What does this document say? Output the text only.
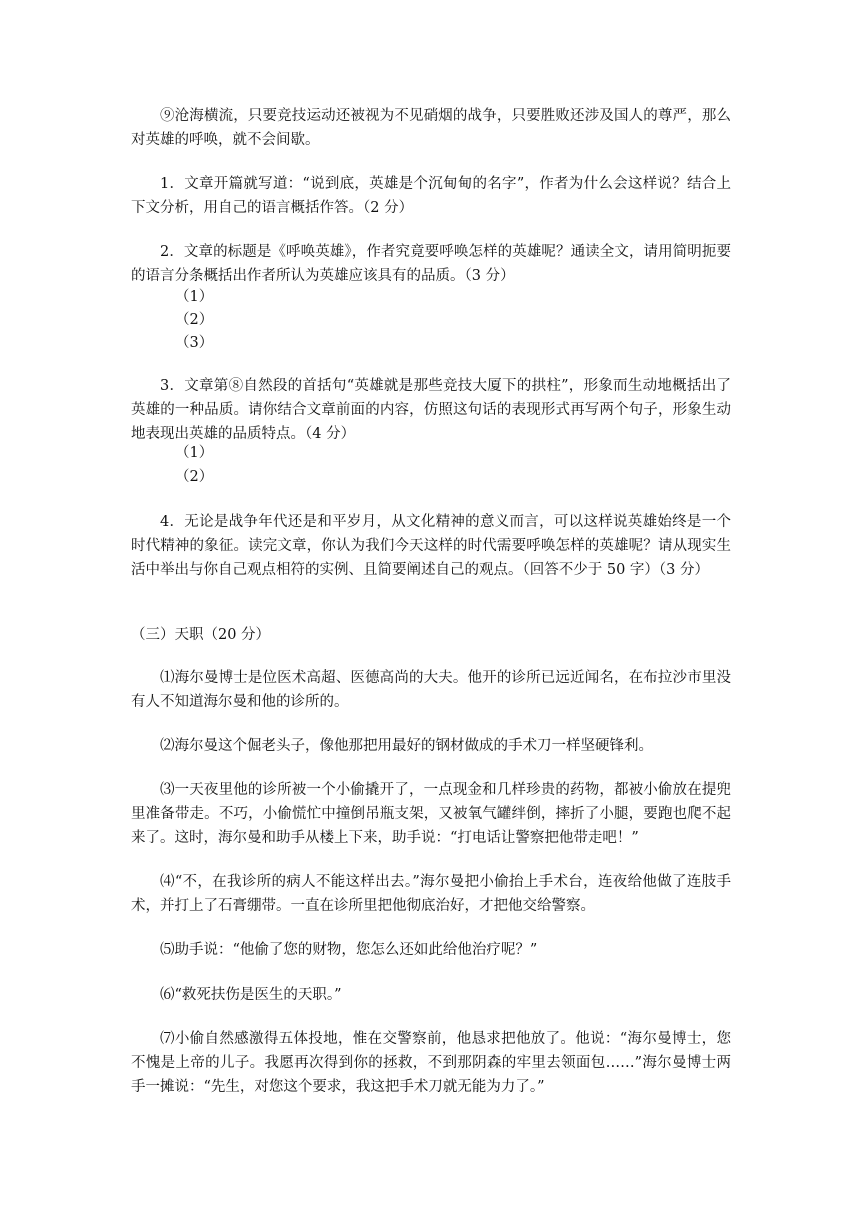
⑨沧海横流，只要竞技运动还被视为不见硝烟的战争，只要胜败还涉及国人的尊严，那么对英雄的呼唤，就不会间歇。

1．文章开篇就写道：“说到底，英雄是个沉甸甸的名字”，作者为什么会这样说？结合上下文分析，用自己的语言概括作答。（2 分）

2．文章的标题是《呼唤英雄》，作者究竟要呼唤怎样的英雄呢？通读全文，请用简明扼要的语言分条概括出作者所认为英雄应该具有的品质。（3 分）

（1）
（2）
（3）

3．文章第⑧自然段的首括句“英雄就是那些竞技大厦下的拱柱”，形象而生动地概括出了英雄的一种品质。请你结合文章前面的内容，仿照这句话的表现形式再写两个句子，形象生动地表现出英雄的品质特点。（4 分）

（1）
（2）

4．无论是战争年代还是和平岁月，从文化精神的意义而言，可以这样说英雄始终是一个时代精神的象征。读完文章，你认为我们今天这样的时代需要呼唤怎样的英雄呢？请从现实生活中举出与你自己观点相符的实例、且简要阐述自己的观点。（回答不少于 50 字）（3 分）

（三）天职（20 分）

⑴海尔曼博士是位医术高超、医德高尚的大夫。他开的诊所已远近闻名，在布拉沙市里没有人不知道海尔曼和他的诊所的。

⑵海尔曼这个倔老头子，像他那把用最好的钢材做成的手术刀一样坚硬锋利。

⑶一天夜里他的诊所被一个小偷撬开了，一点现金和几样珍贵的药物，都被小偷放在提兜里准备带走。不巧，小偷慌忙中撞倒吊瓶支架，又被氧气罐绊倒，摔折了小腿，要跑也爬不起来了。这时，海尔曼和助手从楼上下来，助手说：“打电话让警察把他带走吧！”

⑷“不，在我诊所的病人不能这样出去。”海尔曼把小偷抬上手术台，连夜给他做了连肢手术，并打上了石膏绷带。一直在诊所里把他彻底治好，才把他交给警察。

⑸助手说：“他偷了您的财物，您怎么还如此给他治疗呢？”

⑹“救死扶伤是医生的天职。”

⑺小偷自然感激得五体投地，惟在交警察前，他恳求把他放了。他说：“海尔曼博士，您不愧是上帝的儿子。我愿再次得到你的拯救，不到那阴森的牢里去领面包……”海尔曼博士两手一摊说：“先生，对您这个要求，我这把手术刀就无能为力了。”
